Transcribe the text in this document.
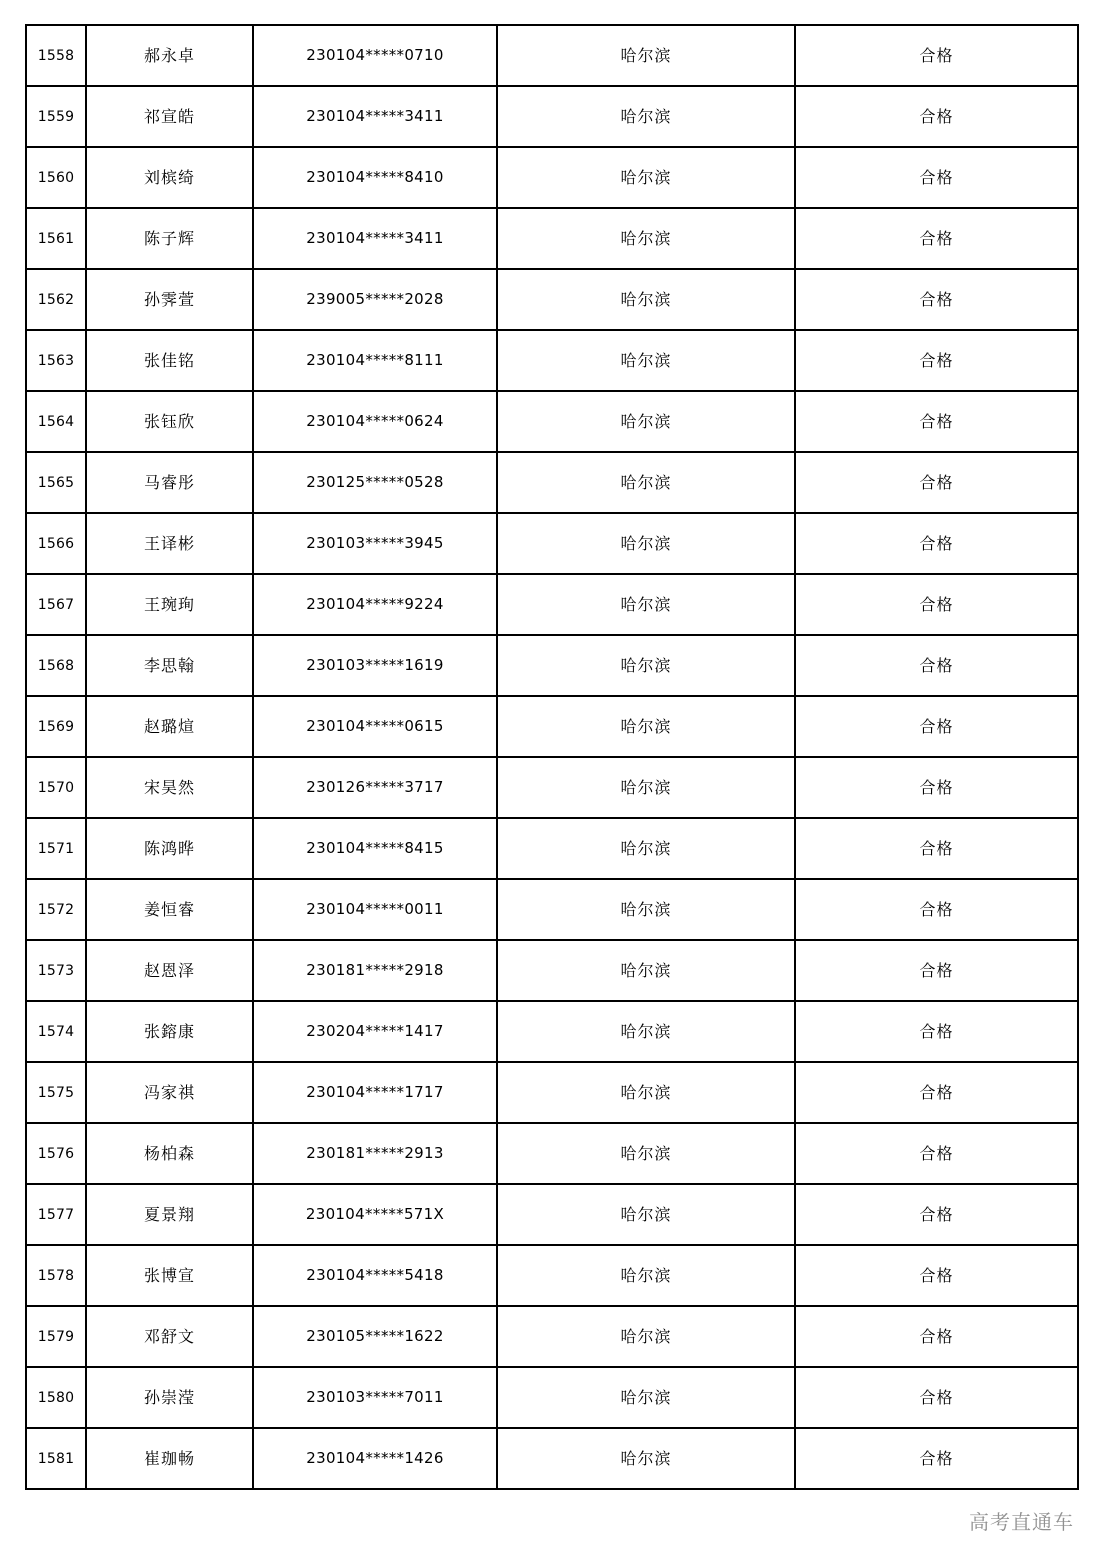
1558	郝永卓	230104*****0710	哈尔滨	合格
1559	祁宣皓	230104*****3411	哈尔滨	合格
1560	刘槟绮	230104*****8410	哈尔滨	合格
1561	陈子辉	230104*****3411	哈尔滨	合格
1562	孙霁萱	239005*****2028	哈尔滨	合格
1563	张佳铭	230104*****8111	哈尔滨	合格
1564	张钰欣	230104*****0624	哈尔滨	合格
1565	马睿彤	230125*****0528	哈尔滨	合格
1566	王译彬	230103*****3945	哈尔滨	合格
1567	王琬珣	230104*****9224	哈尔滨	合格
1568	李思翰	230103*****1619	哈尔滨	合格
1569	赵璐煊	230104*****0615	哈尔滨	合格
1570	宋昊然	230126*****3717	哈尔滨	合格
1571	陈鸿晔	230104*****8415	哈尔滨	合格
1572	姜恒睿	230104*****0011	哈尔滨	合格
1573	赵恩泽	230181*****2918	哈尔滨	合格
1574	张鎔康	230204*****1417	哈尔滨	合格
1575	冯家祺	230104*****1717	哈尔滨	合格
1576	杨柏森	230181*****2913	哈尔滨	合格
1577	夏景翔	230104*****571X	哈尔滨	合格
1578	张博宣	230104*****5418	哈尔滨	合格
1579	邓舒文	230105*****1622	哈尔滨	合格
1580	孙崇滢	230103*****7011	哈尔滨	合格
1581	崔珈畅	230104*****1426	哈尔滨	合格
高考直通车
